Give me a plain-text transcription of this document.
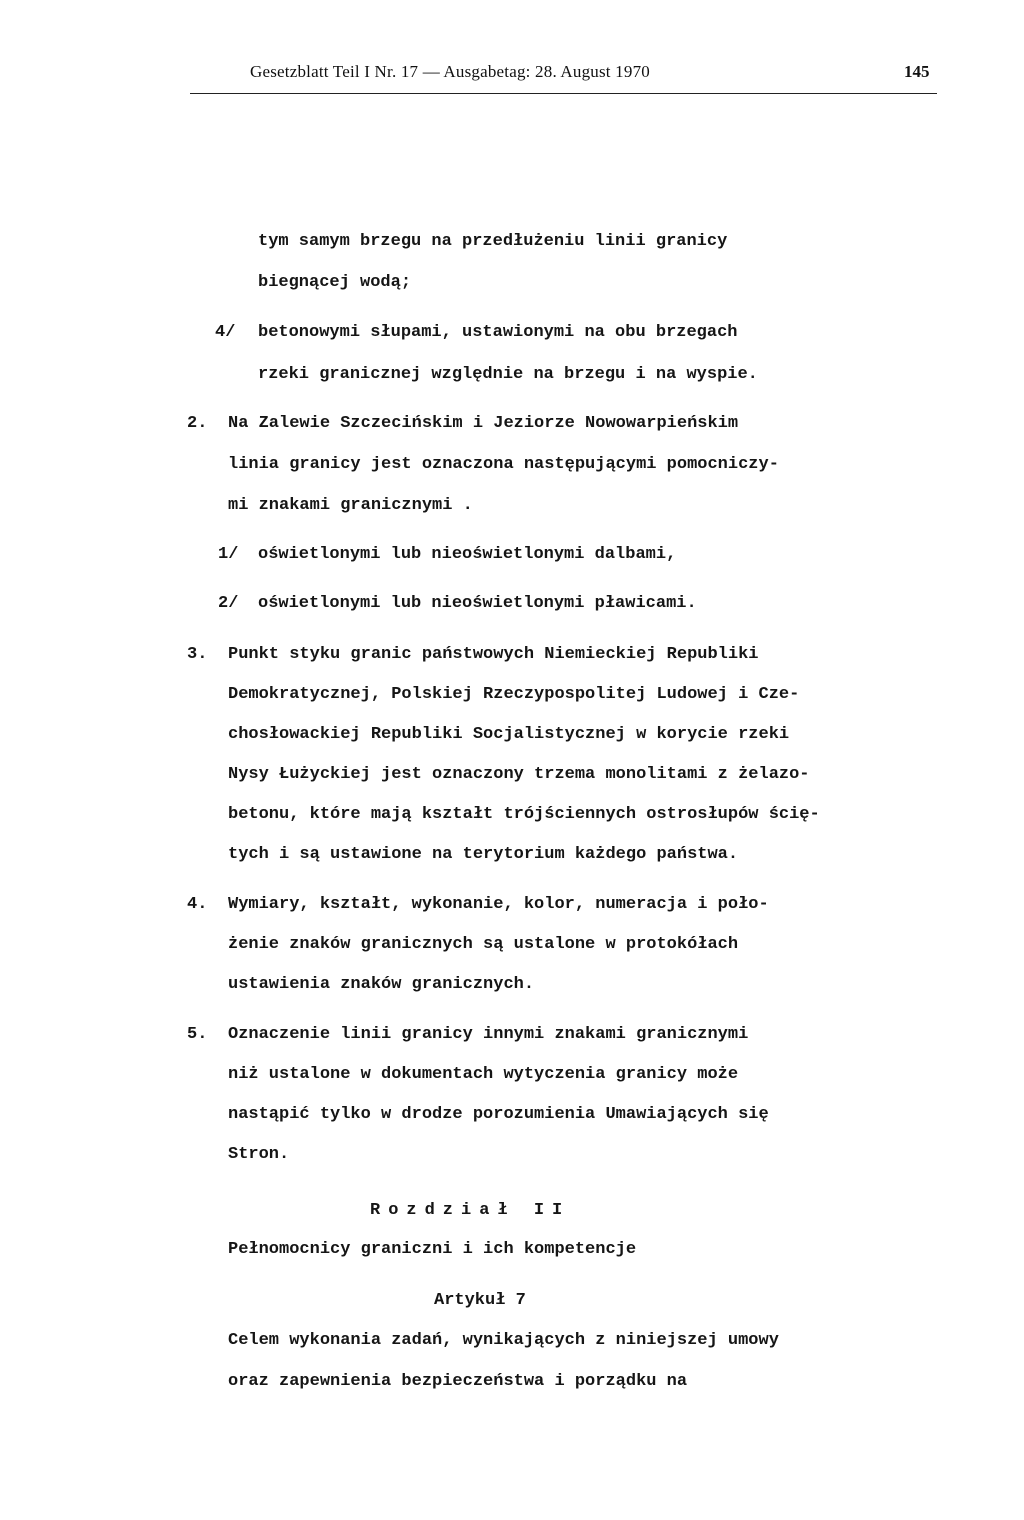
Gesetzblatt Teil I Nr. 17 — Ausgabetag: 28. August 1970	145
tym samym brzegu na przedłużeniu linii granicy
biegnącej wodą;
4/ betonowymi słupami, ustawionymi na obu brzegach
rzeki granicznej względnie na brzegu i na wyspie.
2. Na Zalewie Szczecińskim i Jeziorze Nowowarpieńskim
linia granicy jest oznaczona następującymi pomocniczy-
mi znakami granicznymi .
1/ oświetlonymi lub nieoświetlonymi dalbami,
2/ oświetlonymi lub nieoświetlonymi pławicami.
3. Punkt styku granic państwowych Niemieckiej Republiki
Demokratycznej, Polskiej Rzeczypospolitej Ludowej i Cze-
chosłowackiej Republiki Socjalistycznej w korycie rzeki
Nysy Łużyckiej jest oznaczony trzema monolitami z żelazo-
betonu, które mają kształt trójściennych ostrosłupów ścię-
tych i są ustawione na terytorium każdego państwa.
4. Wymiary, kształt, wykonanie, kolor, numeracja i poło-
żenie znaków granicznych są ustalone w protokółach
ustawienia znaków granicznych.
5. Oznaczenie linii granicy innymi znakami granicznymi
niż ustalone w dokumentach wytyczenia granicy może
nastąpić tylko w drodze porozumienia Umawiających się
Stron.
Rozdział II
Pełnomocnicy graniczni i ich kompetencje
Artykuł 7
Celem wykonania zadań, wynikających z niniejszej umowy
oraz zapewnienia bezpieczeństwa i porządku na
